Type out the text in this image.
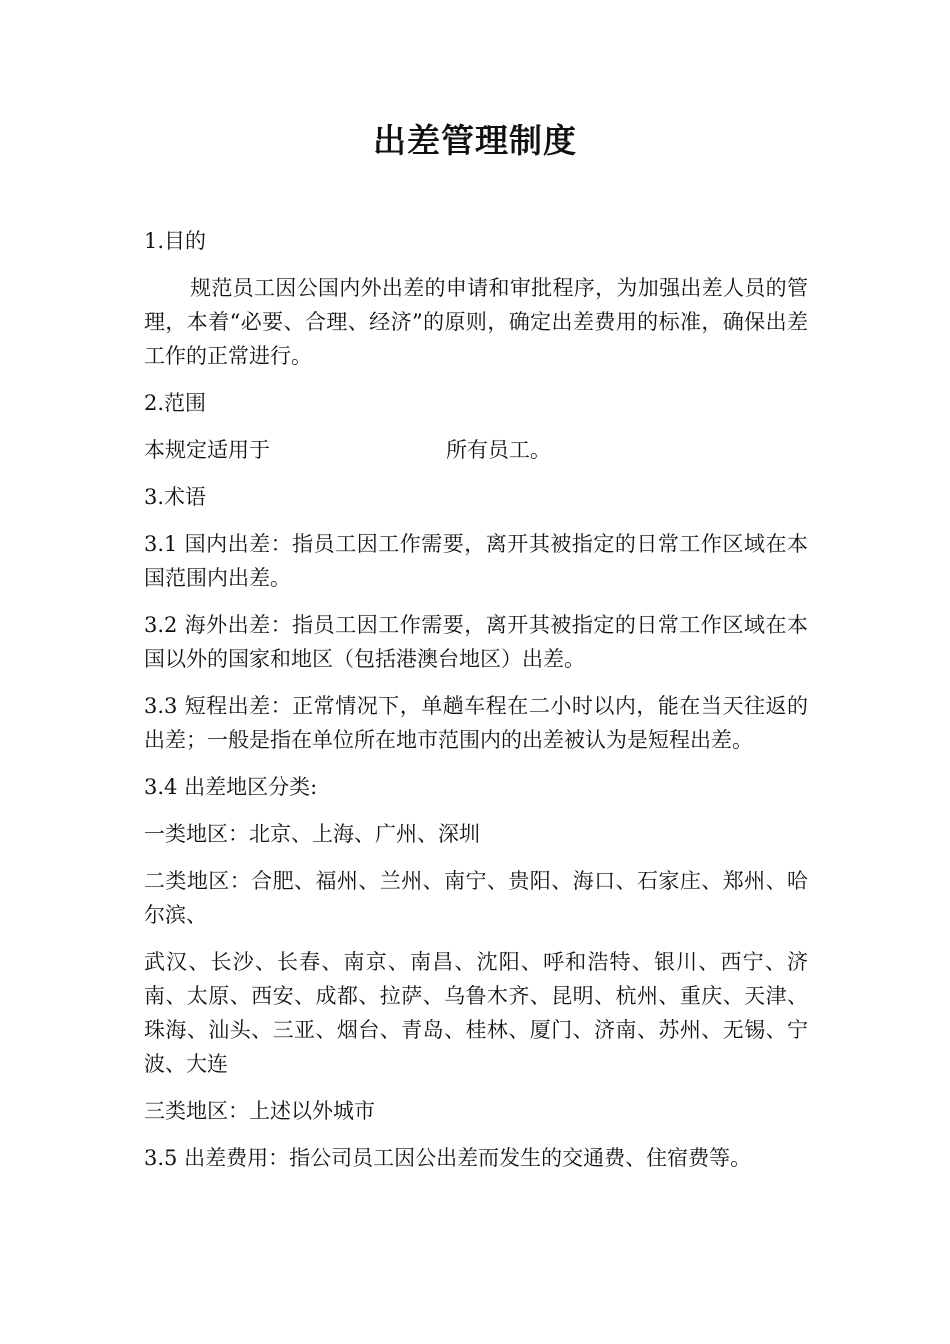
出差管理制度
1.目的
规范员工因公国内外出差的申请和审批程序，为加强出差人员的管理，本着“必要、合理、经济”的原则，确定出差费用的标准，确保出差工作的正常进行。
2.范围
本规定适用于	所有员工。
3.术语
3.1 国内出差：指员工因工作需要，离开其被指定的日常工作区域在本国范围内出差。
3.2 海外出差：指员工因工作需要，离开其被指定的日常工作区域在本国以外的国家和地区（包括港澳台地区）出差。
3.3 短程出差：正常情况下，单趟车程在二小时以内，能在当天往返的出差；一般是指在单位所在地市范围内的出差被认为是短程出差。
3.4 出差地区分类:
一类地区：北京、上海、广州、深圳
二类地区：合肥、福州、兰州、南宁、贵阳、海口、石家庄、郑州、哈尔滨、
武汉、长沙、长春、南京、南昌、沈阳、呼和浩特、银川、西宁、济南、太原、西安、成都、拉萨、乌鲁木齐、昆明、杭州、重庆、天津、珠海、汕头、三亚、烟台、青岛、桂林、厦门、济南、苏州、无锡、宁波、大连
三类地区：上述以外城市
3.5 出差费用：指公司员工因公出差而发生的交通费、住宿费等。
